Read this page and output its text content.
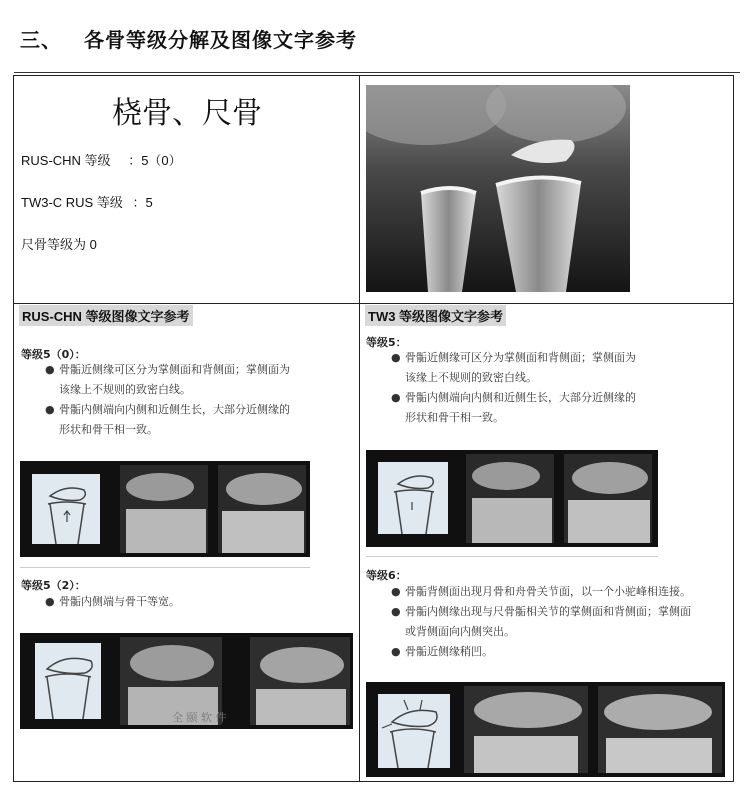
三、 各骨等级分解及图像文字参考
桡骨、尺骨
RUS-CHN 等级 ：5（0）
TW3-C RUS 等级 ：5
尺骨等级为 0
RUS-CHN 等级图像文字参考
等级5（0）：
● 骨骺近侧缘可区分为掌侧面和背侧面；掌侧面为
该缘上不规则的致密白线。
● 骨骺内侧端向内侧和近侧生长，大部分近侧缘的
形状和骨干相一致。
等级5（2）：
● 骨骺内侧端与骨干等宽。
全 颐 软 件
TW3 等级图像文字参考
等级5：
● 骨骺近侧缘可区分为掌侧面和背侧面；掌侧面为
该缘上不规则的致密白线。
● 骨骺内侧端向内侧和近侧生长，大部分近侧缘的
形状和骨干相一致。
等级6：
● 骨骺背侧面出现月骨和舟骨关节面，以一个小驼峰相连接。
● 骨骺内侧缘出现与尺骨骺相关节的掌侧面和背侧面；掌侧面
或背侧面向内侧突出。
● 骨骺近侧缘稍凹。
